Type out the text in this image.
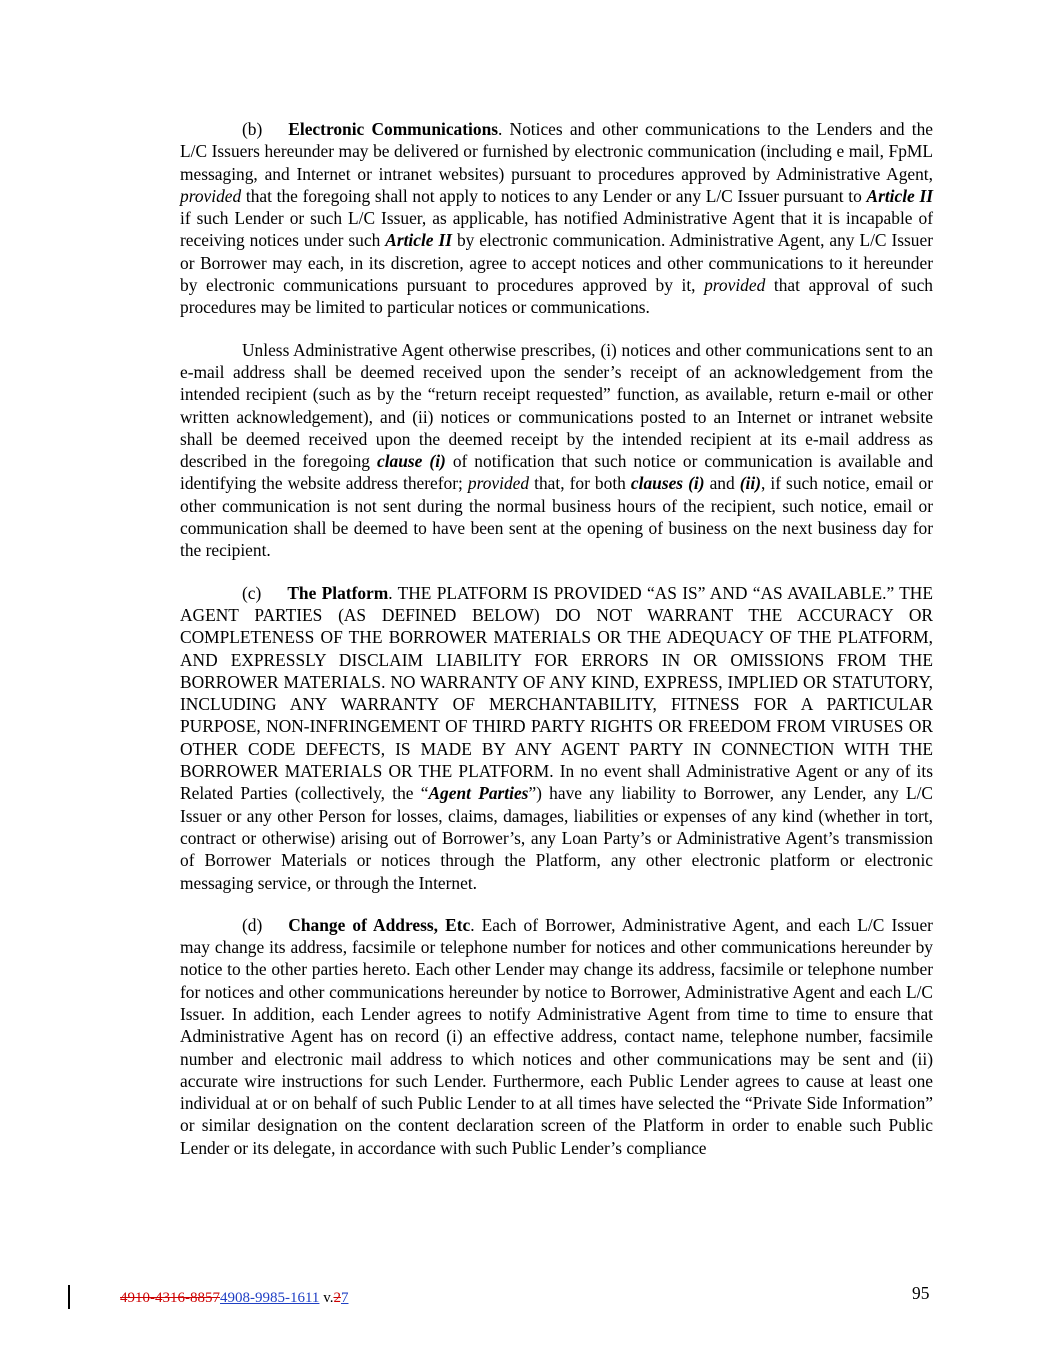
(b) Electronic Communications. Notices and other communications to the Lenders and the L/C Issuers hereunder may be delivered or furnished by electronic communication (including e mail, FpML messaging, and Internet or intranet websites) pursuant to procedures approved by Administrative Agent, provided that the foregoing shall not apply to notices to any Lender or any L/C Issuer pursuant to Article II if such Lender or such L/C Issuer, as applicable, has notified Administrative Agent that it is incapable of receiving notices under such Article II by electronic communication. Administrative Agent, any L/C Issuer or Borrower may each, in its discretion, agree to accept notices and other communications to it hereunder by electronic communications pursuant to procedures approved by it, provided that approval of such procedures may be limited to particular notices or communications.

Unless Administrative Agent otherwise prescribes, (i) notices and other communications sent to an e-mail address shall be deemed received upon the sender’s receipt of an acknowledgement from the intended recipient (such as by the “return receipt requested” function, as available, return e-mail or other written acknowledgement), and (ii) notices or communications posted to an Internet or intranet website shall be deemed received upon the deemed receipt by the intended recipient at its e-mail address as described in the foregoing clause (i) of notification that such notice or communication is available and identifying the website address therefor; provided that, for both clauses (i) and (ii), if such notice, email or other communication is not sent during the normal business hours of the recipient, such notice, email or communication shall be deemed to have been sent at the opening of business on the next business day for the recipient.

(c) The Platform. THE PLATFORM IS PROVIDED “AS IS” AND “AS AVAILABLE.” THE AGENT PARTIES (AS DEFINED BELOW) DO NOT WARRANT THE ACCURACY OR COMPLETENESS OF THE BORROWER MATERIALS OR THE ADEQUACY OF THE PLATFORM, AND EXPRESSLY DISCLAIM LIABILITY FOR ERRORS IN OR OMISSIONS FROM THE BORROWER MATERIALS. NO WARRANTY OF ANY KIND, EXPRESS, IMPLIED OR STATUTORY, INCLUDING ANY WARRANTY OF MERCHANTABILITY, FITNESS FOR A PARTICULAR PURPOSE, NON-INFRINGEMENT OF THIRD PARTY RIGHTS OR FREEDOM FROM VIRUSES OR OTHER CODE DEFECTS, IS MADE BY ANY AGENT PARTY IN CONNECTION WITH THE BORROWER MATERIALS OR THE PLATFORM. In no event shall Administrative Agent or any of its Related Parties (collectively, the “Agent Parties”) have any liability to Borrower, any Lender, any L/C Issuer or any other Person for losses, claims, damages, liabilities or expenses of any kind (whether in tort, contract or otherwise) arising out of Borrower’s, any Loan Party’s or Administrative Agent’s transmission of Borrower Materials or notices through the Platform, any other electronic platform or electronic messaging service, or through the Internet.

(d) Change of Address, Etc. Each of Borrower, Administrative Agent, and each L/C Issuer may change its address, facsimile or telephone number for notices and other communications hereunder by notice to the other parties hereto. Each other Lender may change its address, facsimile or telephone number for notices and other communications hereunder by notice to Borrower, Administrative Agent and each L/C Issuer. In addition, each Lender agrees to notify Administrative Agent from time to time to ensure that Administrative Agent has on record (i) an effective address, contact name, telephone number, facsimile number and electronic mail address to which notices and other communications may be sent and (ii) accurate wire instructions for such Lender. Furthermore, each Public Lender agrees to cause at least one individual at or on behalf of such Public Lender to at all times have selected the “Private Side Information” or similar designation on the content declaration screen of the Platform in order to enable such Public Lender or its delegate, in accordance with such Public Lender’s compliance

4910-4316-88574908-9985-1611 v.27	95
